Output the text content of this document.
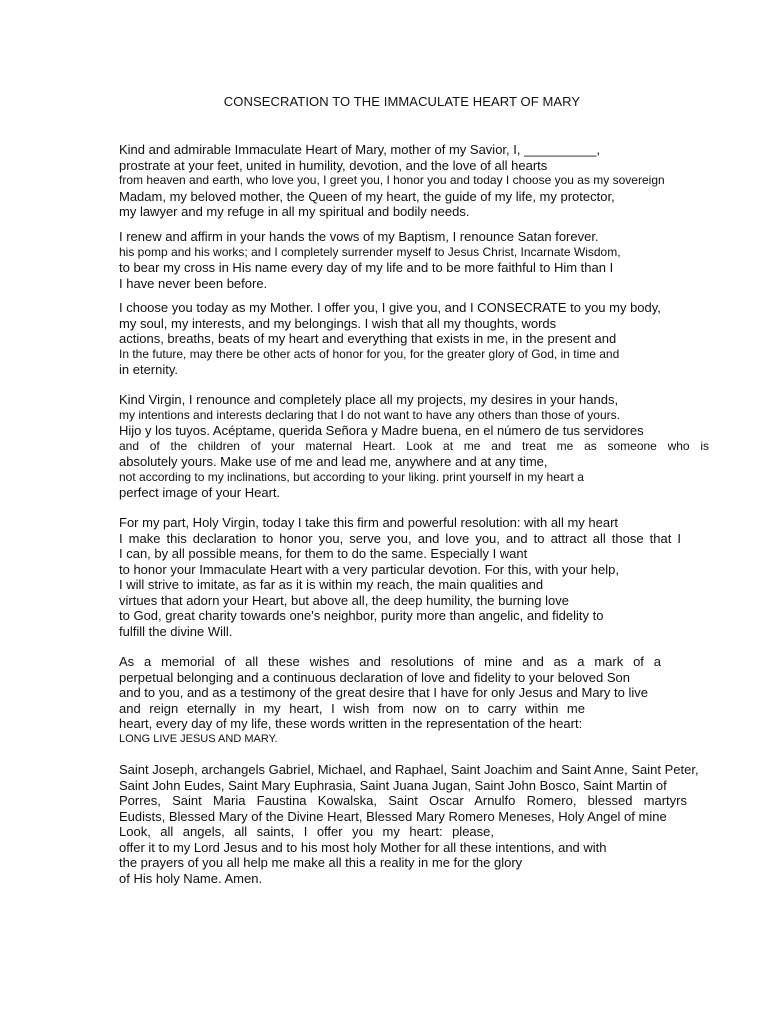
CONSECRATION TO THE IMMACULATE HEART OF MARY
Kind and admirable Immaculate Heart of Mary, mother of my Savior, I, __________,
prostrate at your feet, united in humility, devotion, and the love of all hearts
from heaven and earth, who love you, I greet you, I honor you and today I choose you as my sovereign
Madam, my beloved mother, the Queen of my heart, the guide of my life, my protector,
my lawyer and my refuge in all my spiritual and bodily needs.
I renew and affirm in your hands the vows of my Baptism, I renounce Satan forever.
his pomp and his works; and I completely surrender myself to Jesus Christ, Incarnate Wisdom,
to bear my cross in His name every day of my life and to be more faithful to Him than I
I have never been before.
I choose you today as my Mother. I offer you, I give you, and I CONSECRATE to you my body,
my soul, my interests, and my belongings. I wish that all my thoughts, words
actions, breaths, beats of my heart and everything that exists in me, in the present and
In the future, may there be other acts of honor for you, for the greater glory of God, in time and
in eternity.
Kind Virgin, I renounce and completely place all my projects, my desires in your hands,
my intentions and interests declaring that I do not want to have any others than those of yours.
Hijo y los tuyos. Acéptame, querida Señora y Madre buena, en el número de tus servidores
and of the children of your maternal Heart. Look at me and treat me as someone who is
absolutely yours. Make use of me and lead me, anywhere and at any time,
not according to my inclinations, but according to your liking. print yourself in my heart a
perfect image of your Heart.
For my part, Holy Virgin, today I take this firm and powerful resolution: with all my heart
I make this declaration to honor you, serve you, and love you, and to attract all those that I
I can, by all possible means, for them to do the same. Especially I want
to honor your Immaculate Heart with a very particular devotion. For this, with your help,
I will strive to imitate, as far as it is within my reach, the main qualities and
virtues that adorn your Heart, but above all, the deep humility, the burning love
to God, great charity towards one's neighbor, purity more than angelic, and fidelity to
fulfill the divine Will.
As a memorial of all these wishes and resolutions of mine and as a mark of a
perpetual belonging and a continuous declaration of love and fidelity to your beloved Son
and to you, and as a testimony of the great desire that I have for only Jesus and Mary to live
and reign eternally in my heart, I wish from now on to carry within me
heart, every day of my life, these words written in the representation of the heart:
LONG LIVE JESUS AND MARY.
Saint Joseph, archangels Gabriel, Michael, and Raphael, Saint Joachim and Saint Anne, Saint Peter,
Saint John Eudes, Saint Mary Euphrasia, Saint Juana Jugan, Saint John Bosco, Saint Martin of
Porres, Saint Maria Faustina Kowalska, Saint Oscar Arnulfo Romero, blessed martyrs
Eudists, Blessed Mary of the Divine Heart, Blessed Mary Romero Meneses, Holy Angel of mine
Look, all angels, all saints, I offer you my heart: please,
offer it to my Lord Jesus and to his most holy Mother for all these intentions, and with
the prayers of you all help me make all this a reality in me for the glory
of His holy Name. Amen.
